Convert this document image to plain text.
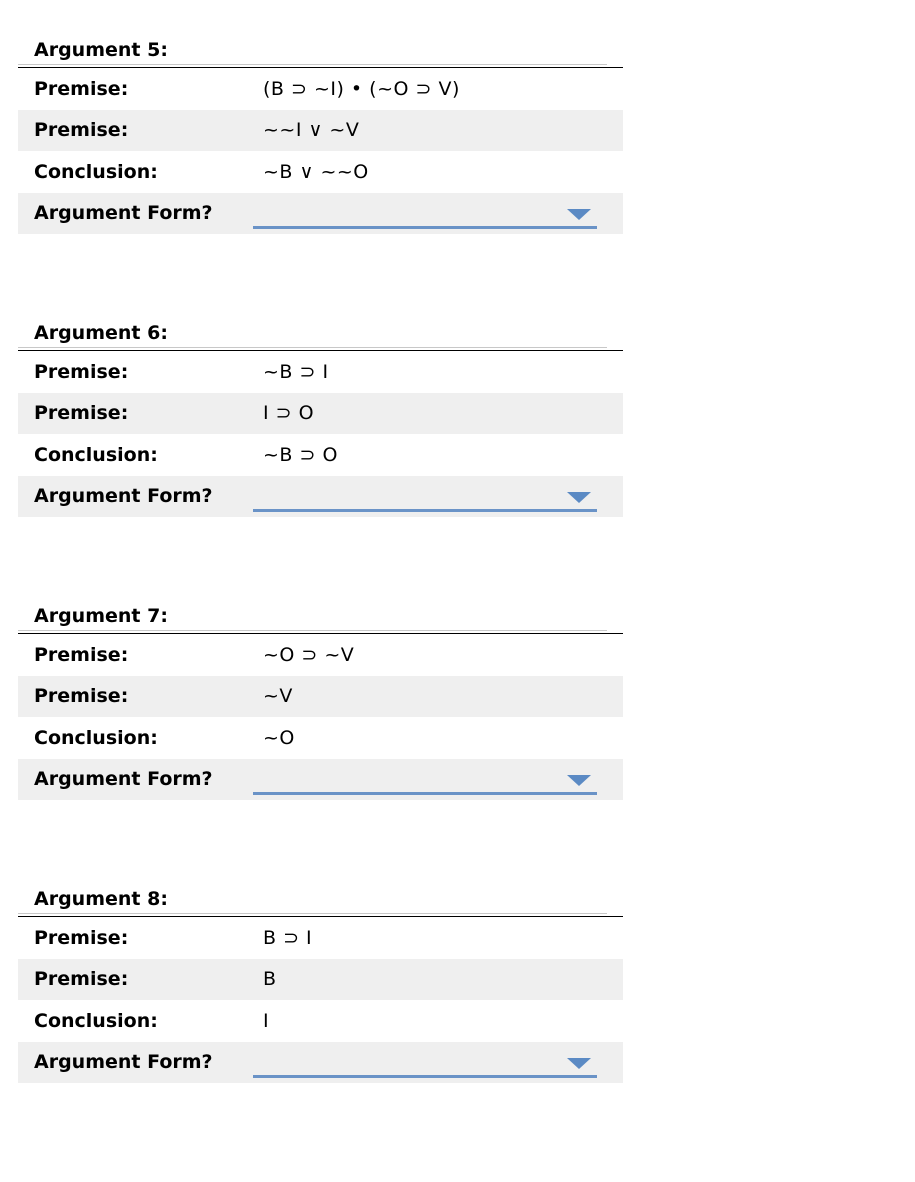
Argument 5:
Premise:	(B ⊃ ~I) • (~O ⊃ V)
Premise:	~~I ∨ ~V
Conclusion:	~B ∨ ~~O
Argument Form?
Argument 6:
Premise:	~B ⊃ I
Premise:	I ⊃ O
Conclusion:	~B ⊃ O
Argument Form?
Argument 7:
Premise:	~O ⊃ ~V
Premise:	~V
Conclusion:	~O
Argument Form?
Argument 8:
Premise:	B ⊃ I
Premise:	B
Conclusion:	I
Argument Form?
